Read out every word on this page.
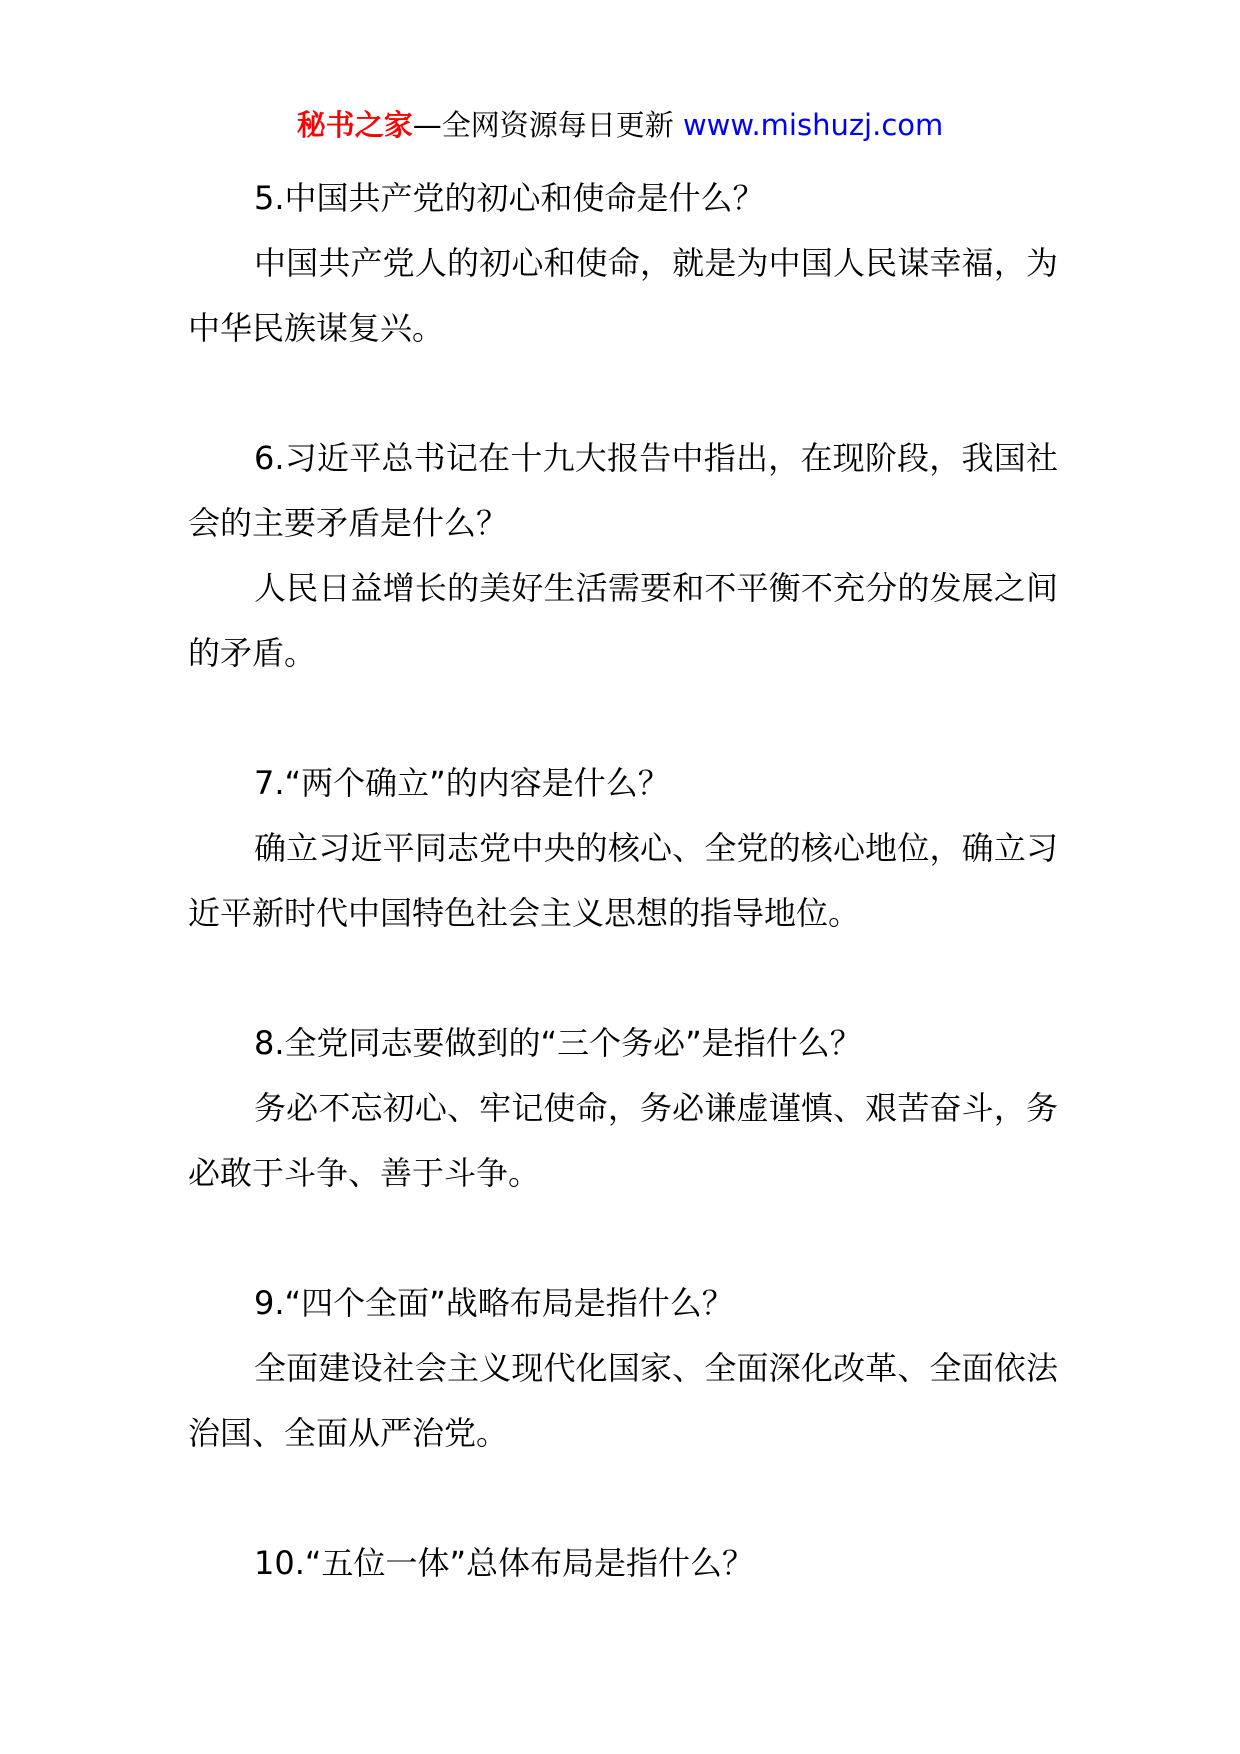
秘书之家—全网资源每日更新 www.mishuzj.com

5.中国共产党的初心和使命是什么？

中国共产党人的初心和使命，就是为中国人民谋幸福，为中华民族谋复兴。

6.习近平总书记在十九大报告中指出，在现阶段，我国社会的主要矛盾是什么？

人民日益增长的美好生活需要和不平衡不充分的发展之间的矛盾。

7.“两个确立”的内容是什么？

确立习近平同志党中央的核心、全党的核心地位，确立习近平新时代中国特色社会主义思想的指导地位。

8.全党同志要做到的“三个务必”是指什么？

务必不忘初心、牢记使命，务必谦虚谨慎、艰苦奋斗，务必敢于斗争、善于斗争。

9.“四个全面”战略布局是指什么？

全面建设社会主义现代化国家、全面深化改革、全面依法治国、全面从严治党。

10.“五位一体”总体布局是指什么？
